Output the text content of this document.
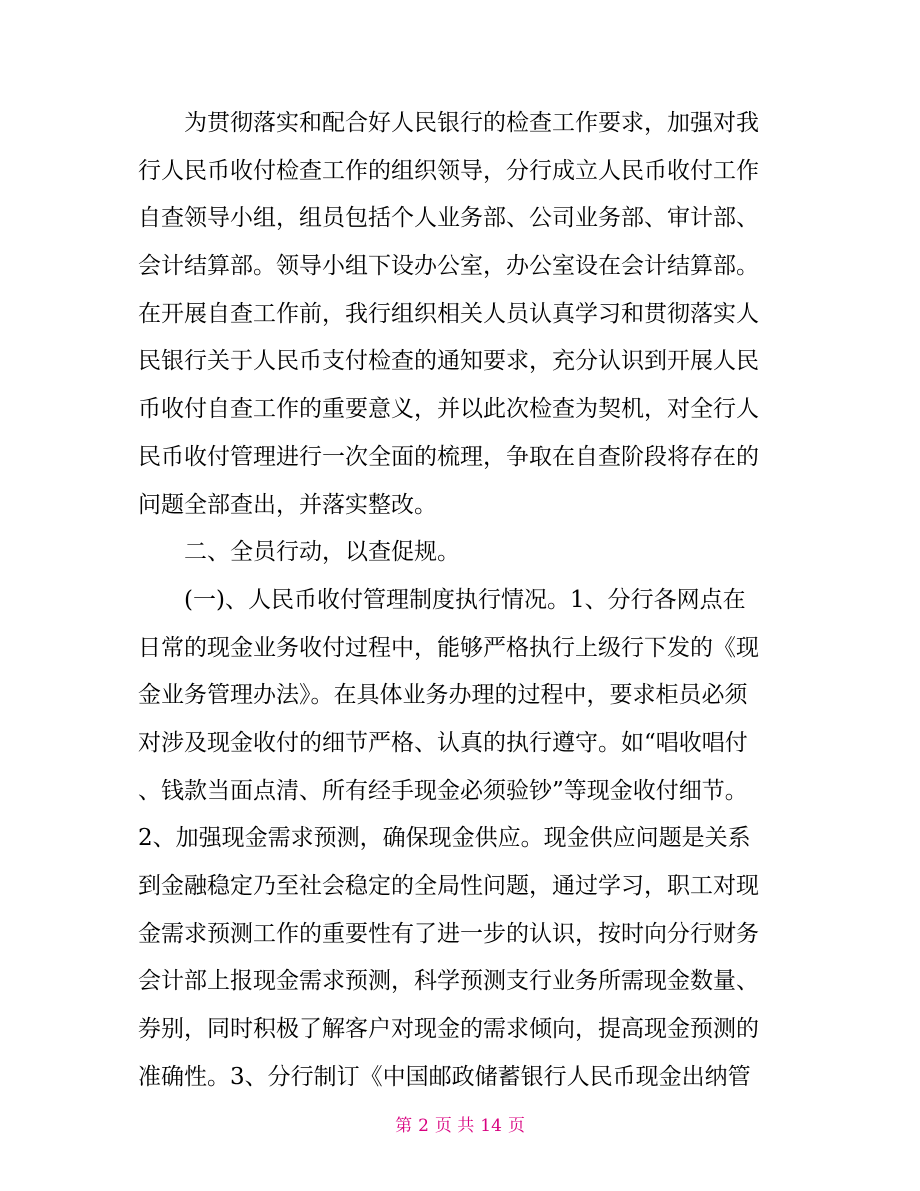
为贯彻落实和配合好人民银行的检查工作要求，加强对我
行人民币收付检查工作的组织领导，分行成立人民币收付工作
自查领导小组，组员包括个人业务部、公司业务部、审计部、
会计结算部。领导小组下设办公室，办公室设在会计结算部。
在开展自查工作前，我行组织相关人员认真学习和贯彻落实人
民银行关于人民币支付检查的通知要求，充分认识到开展人民
币收付自查工作的重要意义，并以此次检查为契机，对全行人
民币收付管理进行一次全面的梳理，争取在自查阶段将存在的
问题全部查出，并落实整改。
二、全员行动，以查促规。
(一)、人民币收付管理制度执行情况。1、分行各网点在
日常的现金业务收付过程中，能够严格执行上级行下发的《现
金业务管理办法》。在具体业务办理的过程中，要求柜员必须
对涉及现金收付的细节严格、认真的执行遵守。如“唱收唱付
、钱款当面点清、所有经手现金必须验钞”等现金收付细节。
2、加强现金需求预测，确保现金供应。现金供应问题是关系
到金融稳定乃至社会稳定的全局性问题，通过学习，职工对现
金需求预测工作的重要性有了进一步的认识，按时向分行财务
会计部上报现金需求预测，科学预测支行业务所需现金数量、
券别，同时积极了解客户对现金的需求倾向，提高现金预测的
准确性。3、分行制订《中国邮政储蓄银行人民币现金出纳管
第 2 页 共 14 页
